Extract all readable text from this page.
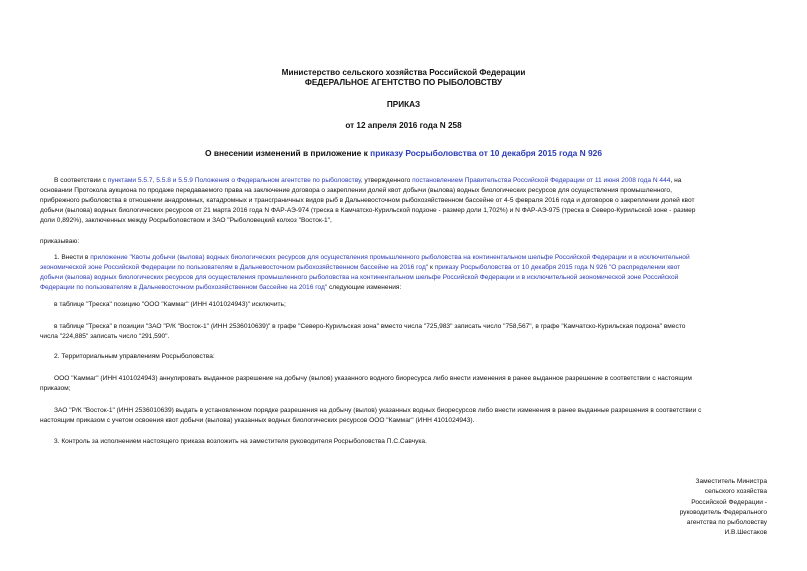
Министерство сельского хозяйства Российской Федерации
ФЕДЕРАЛЬНОЕ АГЕНТСТВО ПО РЫБОЛОВСТВУ
ПРИКАЗ
от 12 апреля 2016 года N 258
О внесении изменений в приложение к приказу Росрыболовства от 10 декабря 2015 года N 926
В соответствии с пунктами 5.5.7, 5.5.8 и 5.5.9 Положения о Федеральном агентстве по рыболовству, утвержденного постановлением Правительства Российской Федерации от 11 июня 2008 года N 444, на
основании Протокола аукциона по продаже передаваемого права на заключение договора о закреплении долей квот добычи (вылова) водных биологических ресурсов для осуществления промышленного,
прибрежного рыболовства в отношении анадромных, катадромных и трансграничных видов рыб в Дальневосточном рыбохозяйственном бассейне от 4-5 февраля 2016 года и договоров о закреплении долей квот
добычи (вылова) водных биологических ресурсов от 21 марта 2016 года N ФАР-АЭ-974 (треска в Камчатско-Курильской подзоне - размер доли 1,702%) и N ФАР-АЭ-975 (треска в Северо-Курильской зоне - размер
доли 0,892%), заключенных между Росрыболовством и ЗАО "Рыболовецкий колхоз "Восток-1",
приказываю:
1. Внести в приложение "Квоты добычи (вылова) водных биологических ресурсов для осуществления промышленного рыболовства на континентальном шельфе Российской Федерации и в исключительной
экономической зоне Российской Федерации по пользователям в Дальневосточном рыбохозяйственном бассейне на 2016 год" к приказу Росрыболовства от 10 декабря 2015 года N 926 "О распределении квот
добычи (вылова) водных биологических ресурсов для осуществления промышленного рыболовства на континентальном шельфе Российской Федерации и в исключительной экономической зоне Российской
Федерации по пользователям в Дальневосточном рыбохозяйственном бассейне на 2016 год" следующие изменения:
в таблице "Треска" позицию "ООО "Каммаг" (ИНН 4101024943)" исключить;
в таблице "Треска" в позиции "ЗАО "Р/К "Восток-1" (ИНН 2536010639)" в графе "Северо-Курильская зона" вместо числа "725,983" записать число "758,567", в графе "Камчатско-Курильская подзона" вместо
числа "224,885" записать число "291,590".
2. Территориальным управлениям Росрыболовства:
ООО "Каммаг" (ИНН 4101024943) аннулировать выданное разрешение на добычу (вылов) указанного водного биоресурса либо внести изменения в ранее выданное разрешение в соответствии с настоящим
приказом;
ЗАО "Р/К "Восток-1" (ИНН 2536010639) выдать в установленном порядке разрешения на добычу (вылов) указанных водных биоресурсов либо внести изменения в ранее выданные разрешения в соответствии с
настоящим приказом с учетом освоения квот добычи (вылова) указанных водных биологических ресурсов ООО "Каммаг" (ИНН 4101024943).
3. Контроль за исполнением настоящего приказа возложить на заместителя руководителя Росрыболовства П.С.Савчука.
Заместитель Министра
сельского хозяйства
Российской Федерации -
руководитель Федерального
агентства по рыболовству
И.В.Шестаков
